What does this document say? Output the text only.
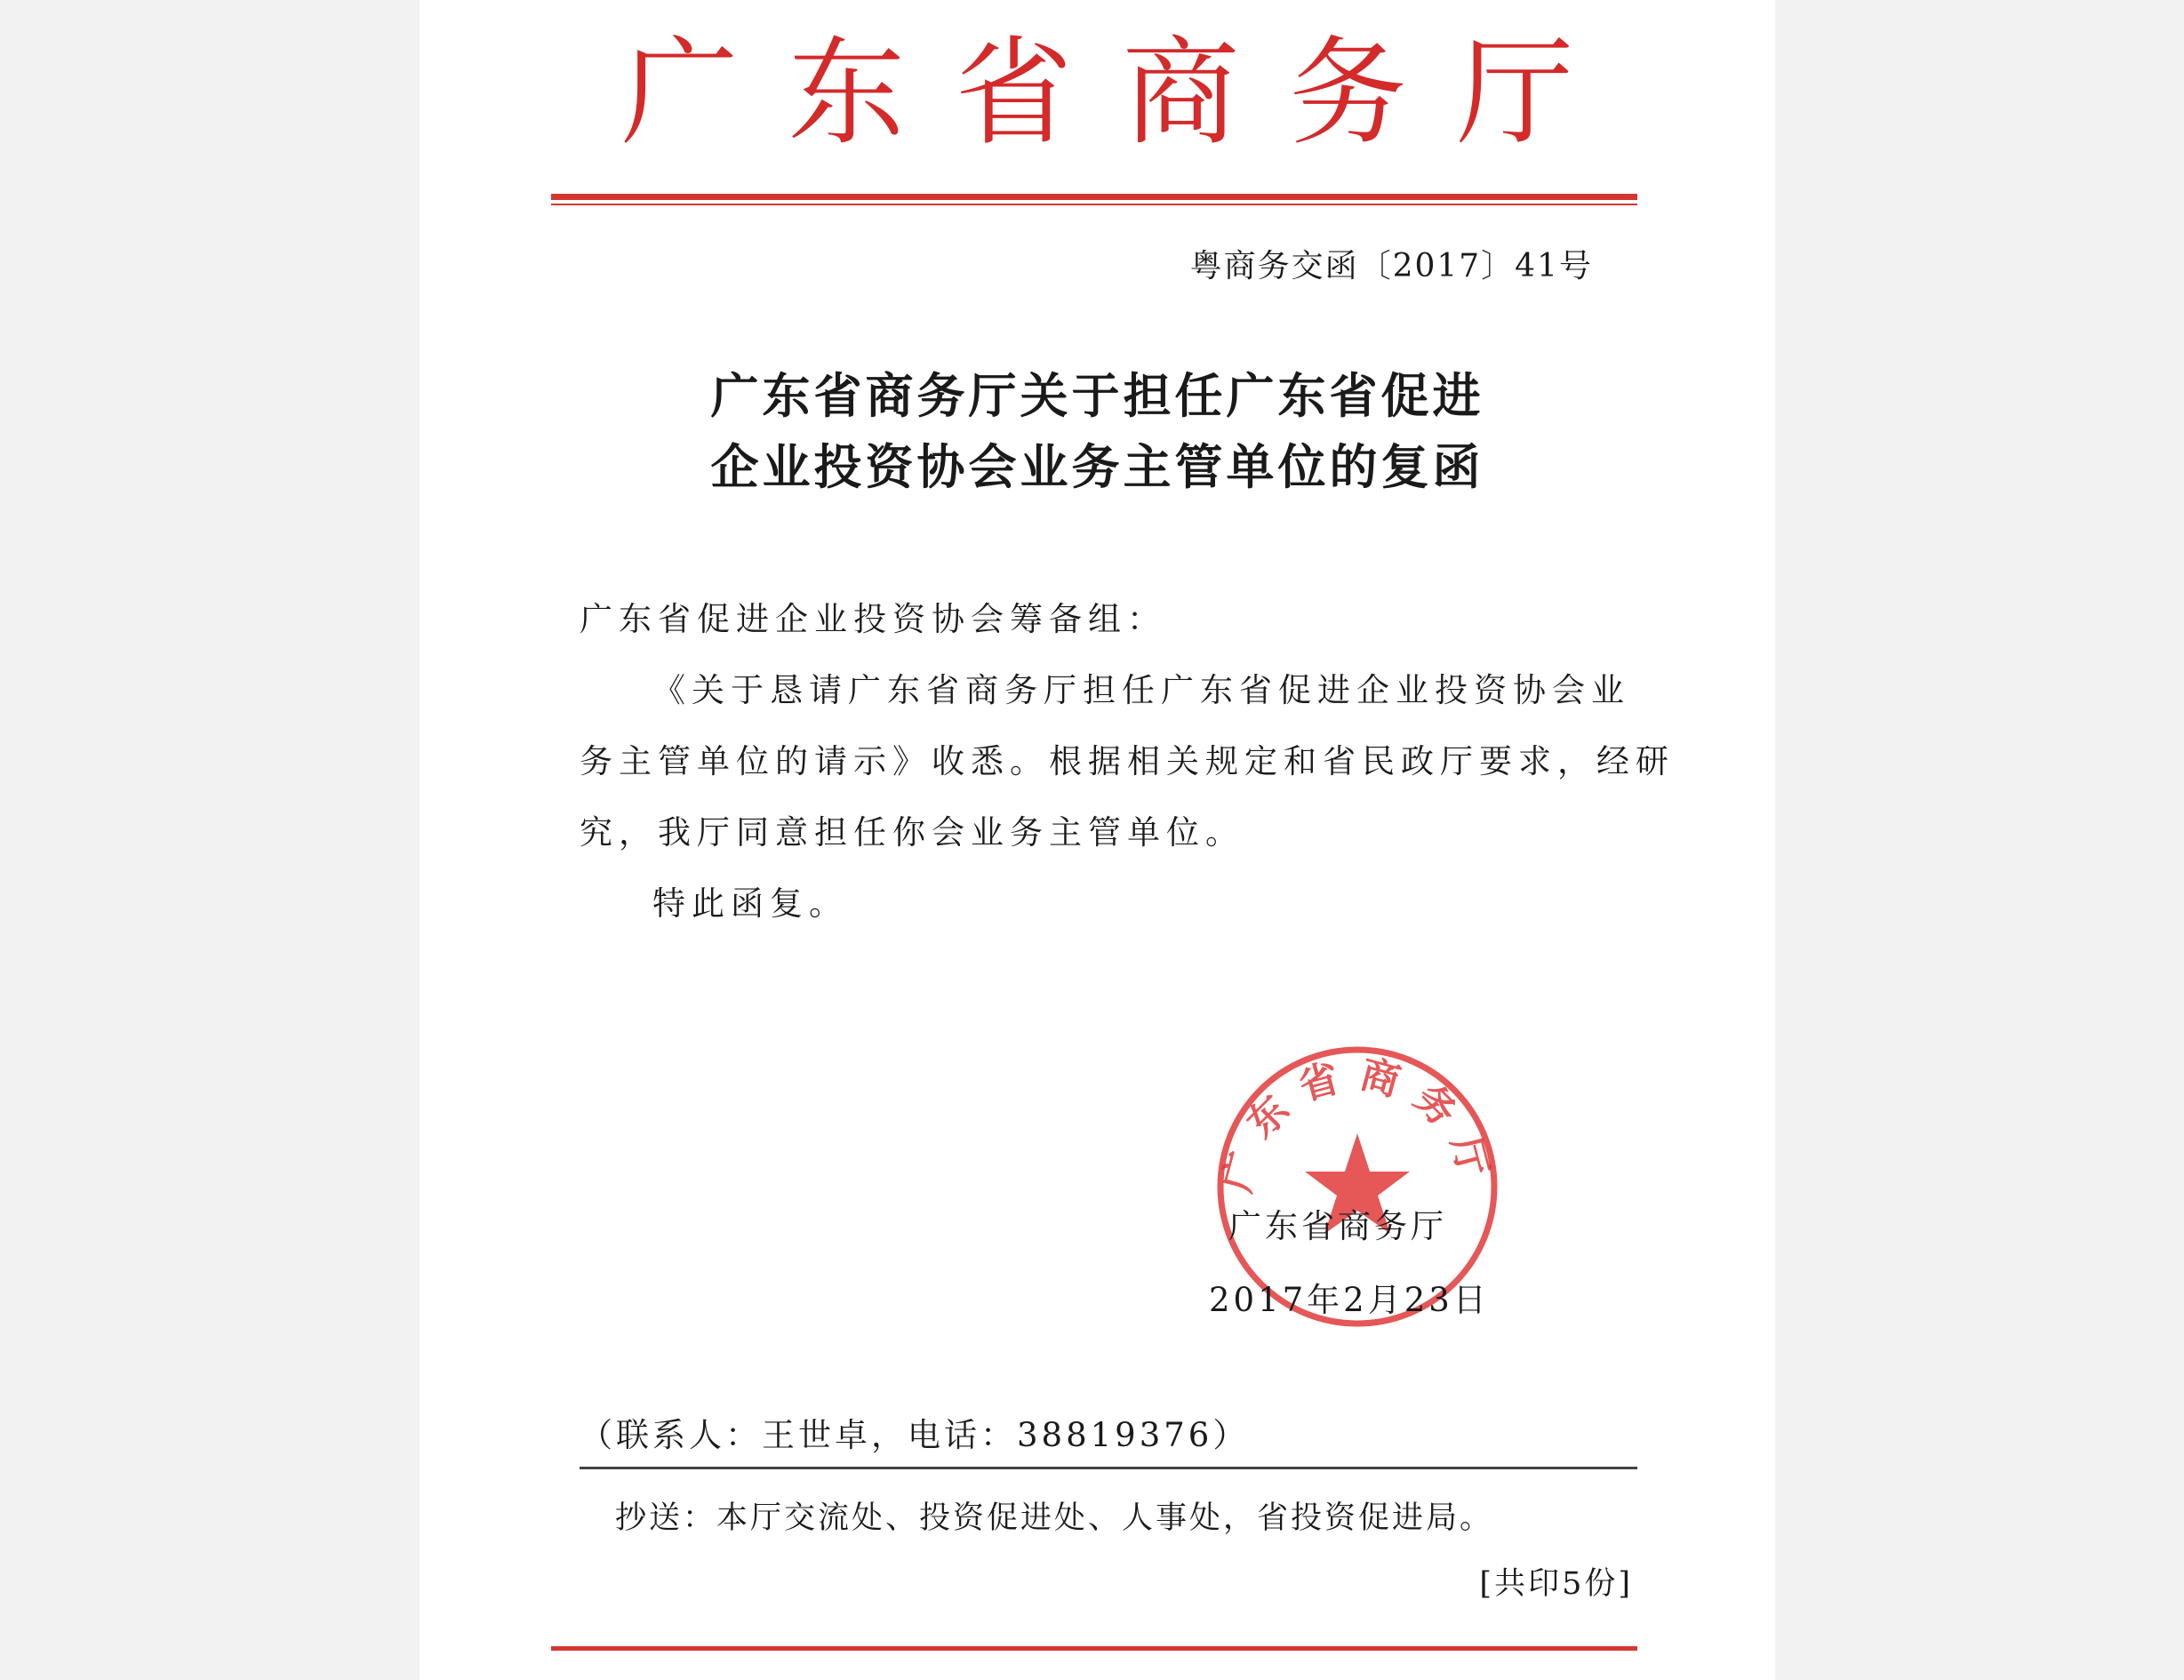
广东省商务厅
粤商务交函〔2017〕41号
广东省商务厅关于担任广东省促进
企业投资协会业务主管单位的复函
广东省促进企业投资协会筹备组：
《关于恳请广东省商务厅担任广东省促进企业投资协会业
务主管单位的请示》收悉。根据相关规定和省民政厅要求，经研
究，我厅同意担任你会业务主管单位。
特此函复。
广东省商务厅
广东省商务厅
2017年2月23日
（联系人：王世卓，电话：38819376）
抄送：本厅交流处、投资促进处、人事处，省投资促进局。
[共印5份]
